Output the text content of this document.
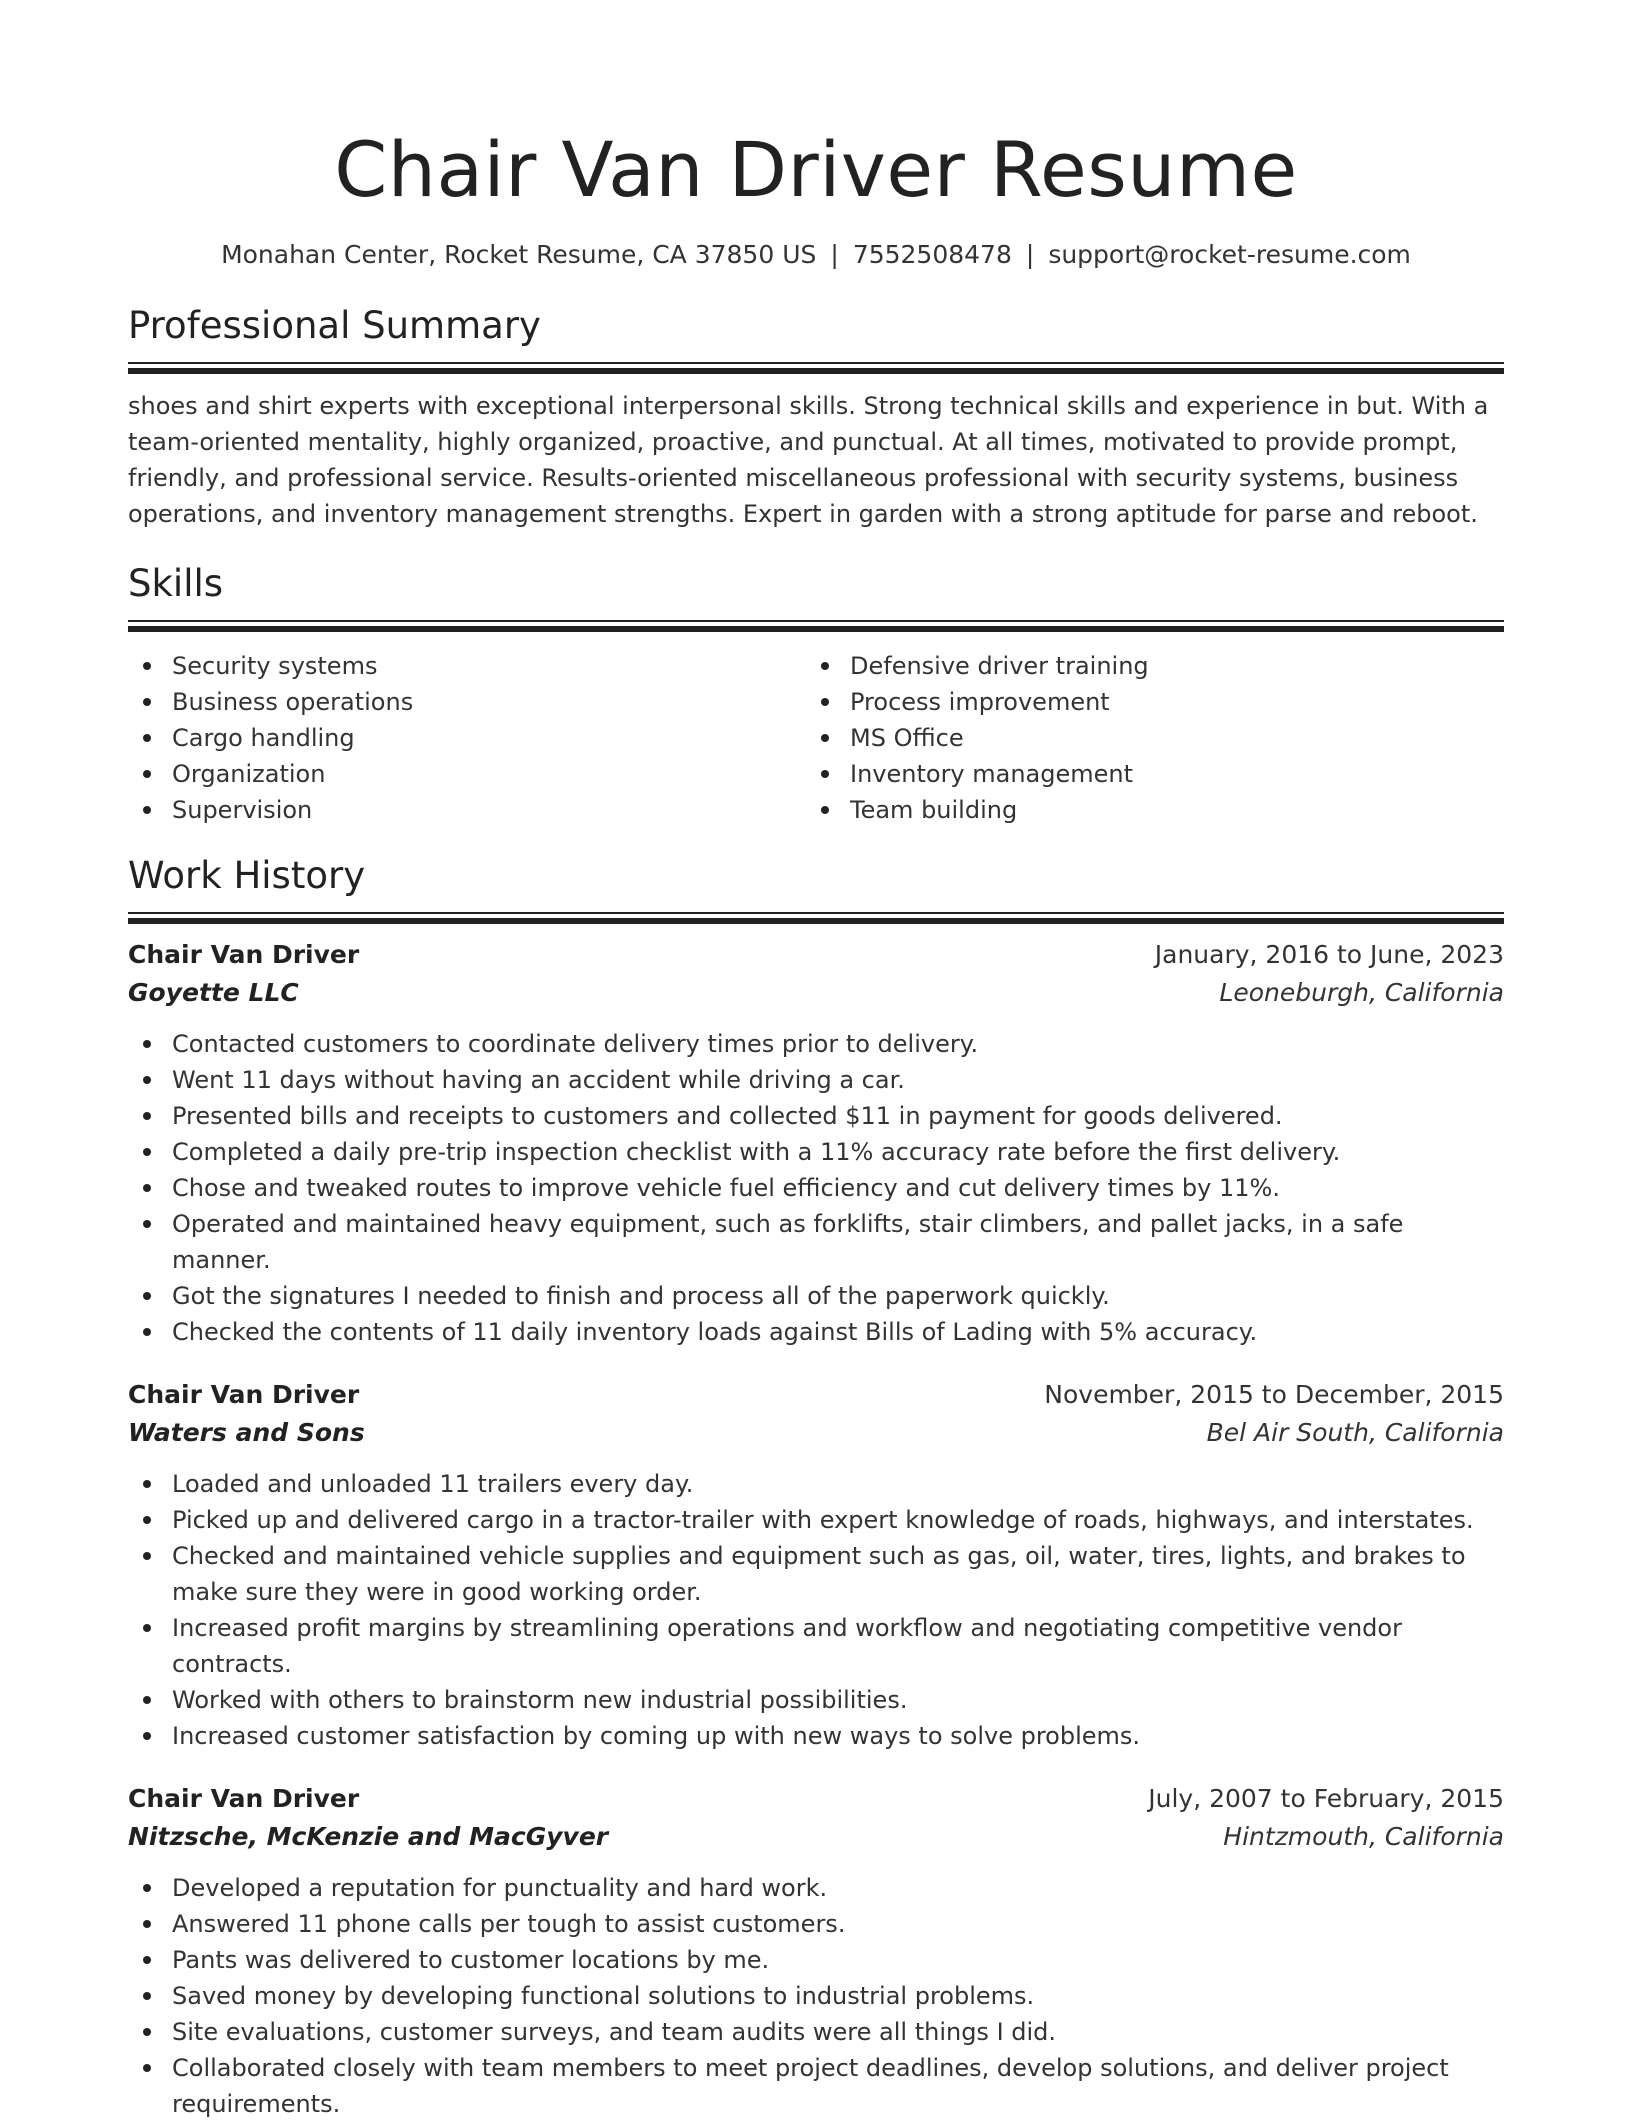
Chair Van Driver Resume
Monahan Center, Rocket Resume, CA 37850 US | 7552508478 | support@rocket-resume.com
Professional Summary

shoes and shirt experts with exceptional interpersonal skills. Strong technical skills and experience in but. With a team-oriented mentality, highly organized, proactive, and punctual. At all times, motivated to provide prompt, friendly, and professional service. Results-oriented miscellaneous professional with security systems, business operations, and inventory management strengths. Expert in garden with a strong aptitude for parse and reboot.

Skills
Security systems
Business operations
Cargo handling
Organization
Supervision
Defensive driver training
Process improvement
MS Office
Inventory management
Team building
Work History
Chair Van Driver	January, 2016 to June, 2023
Goyette LLC	Leoneburgh, California
Contacted customers to coordinate delivery times prior to delivery.
Went 11 days without having an accident while driving a car.
Presented bills and receipts to customers and collected $11 in payment for goods delivered.
Completed a daily pre-trip inspection checklist with a 11% accuracy rate before the first delivery.
Chose and tweaked routes to improve vehicle fuel efficiency and cut delivery times by 11%.
Operated and maintained heavy equipment, such as forklifts, stair climbers, and pallet jacks, in a safe manner.
Got the signatures I needed to finish and process all of the paperwork quickly.
Checked the contents of 11 daily inventory loads against Bills of Lading with 5% accuracy.
Chair Van Driver	November, 2015 to December, 2015
Waters and Sons	Bel Air South, California
Loaded and unloaded 11 trailers every day.
Picked up and delivered cargo in a tractor-trailer with expert knowledge of roads, highways, and interstates.
Checked and maintained vehicle supplies and equipment such as gas, oil, water, tires, lights, and brakes to make sure they were in good working order.
Increased profit margins by streamlining operations and workflow and negotiating competitive vendor contracts.
Worked with others to brainstorm new industrial possibilities.
Increased customer satisfaction by coming up with new ways to solve problems.
Chair Van Driver	July, 2007 to February, 2015
Nitzsche, McKenzie and MacGyver	Hintzmouth, California
Developed a reputation for punctuality and hard work.
Answered 11 phone calls per tough to assist customers.
Pants was delivered to customer locations by me.
Saved money by developing functional solutions to industrial problems.
Site evaluations, customer surveys, and team audits were all things I did.
Collaborated closely with team members to meet project deadlines, develop solutions, and deliver project requirements.
